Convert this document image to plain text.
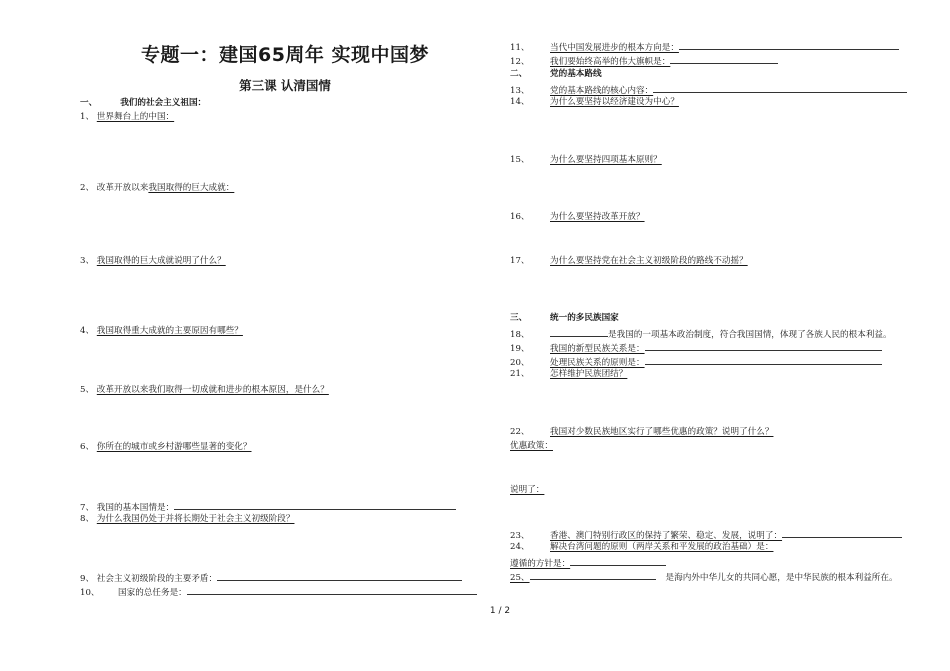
专题一：建国65周年 实现中国梦
第三课 认清国情
一、	我们的社会主义祖国：
1、 世界舞台上的中国：
2、 改革开放以来我国取得的巨大成就：
3、 我国取得的巨大成就说明了什么？
4、 我国取得重大成就的主要原因有哪些？
5、 改革开放以来我们取得一切成就和进步的根本原因，是什么？
6、 你所在的城市或乡村游哪些显著的变化？
7、 我国的基本国情是：
8、 为什么我国仍处于并将长期处于社会主义初级阶段？
9、 社会主义初级阶段的主要矛盾：
10、 国家的总任务是：
11、 当代中国发展进步的根本方向是：
12、 我们要始终高举的伟大旗帜是：
二、	党的基本路线
13、 党的基本路线的核心内容：
14、 为什么要坚持以经济建设为中心？
15、 为什么要坚持四项基本原则？
16、 为什么要坚持改革开放？
17、 为什么要坚持党在社会主义初级阶段的路线不动摇？
三、	统一的多民族国家
18、	是我国的一项基本政治制度，符合我国国情，体现了各族人民的根本利益。
19、 我国的新型民族关系是：
20、 处理民族关系的原则是：
21、 怎样维护民族团结？
22、 我国对少数民族地区实行了哪些优惠的政策？说明了什么？
优惠政策：
说明了：
23、 香港、澳门特别行政区的保持了繁荣、稳定、发展，说明了：
24、 解决台湾问题的原则（两岸关系和平发展的政治基础）是：
遵循的方针是：
25、	是海内外中华儿女的共同心愿，是中华民族的根本利益所在。
1 / 2
